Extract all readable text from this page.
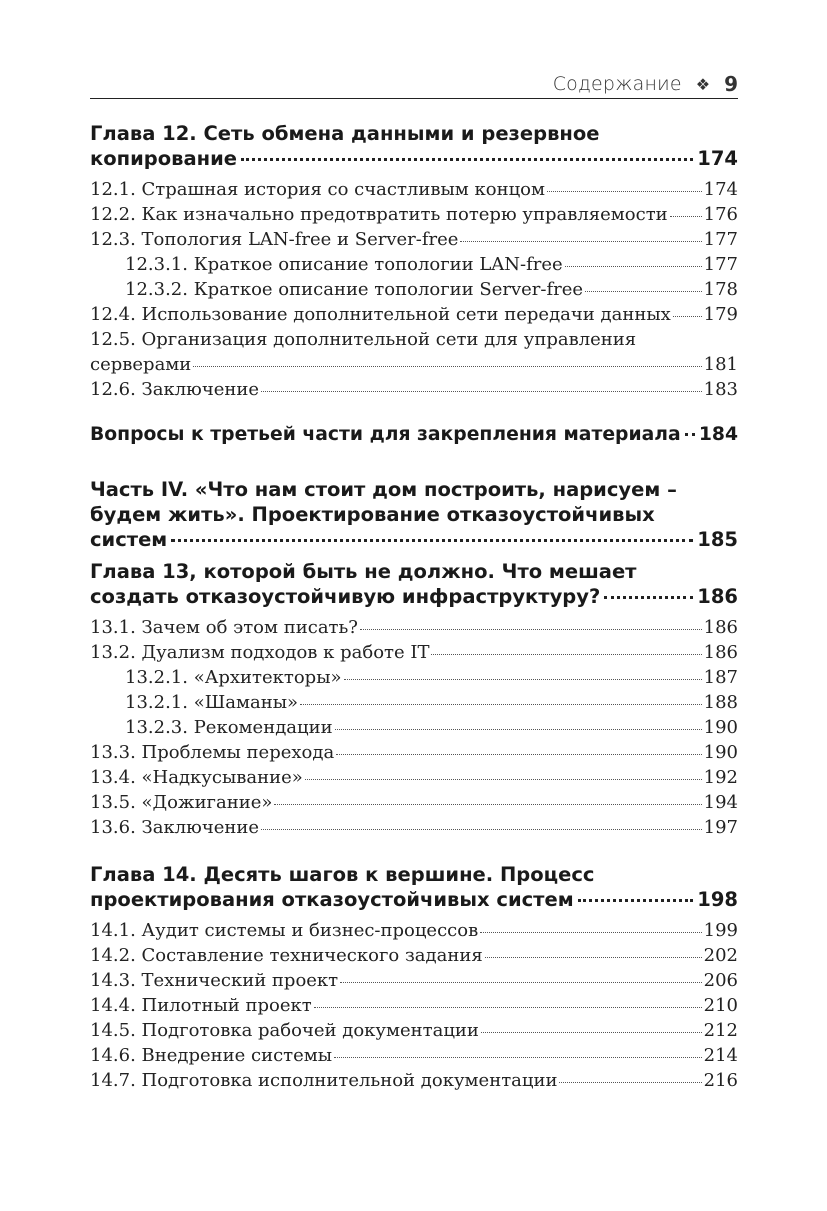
Содержание ❖ 9
Глава 12. Сеть обмена данными и резервное
копирование	174
12.1. Страшная история со счастливым концом	174
12.2. Как изначально предотвратить потерю управляемости 176
12.3. Топология LAN-free и Server-free	177
12.3.1. Краткое описание топологии LAN-free	177
12.3.2. Краткое описание топологии Server-free	178
12.4. Использование дополнительной сети передачи данных 179
12.5. Организация дополнительной сети для управления
серверами	181
12.6. Заключение	183
Вопросы к третьей части для закрепления материала 184
Часть IV. «Что нам стоит дом построить, нарисуем –
будем жить». Проектирование отказоустойчивых
систем	185
Глава 13, которой быть не должно. Что мешает
создать отказоустойчивую инфраструктуру?	186
13.1. Зачем об этом писать?	186
13.2. Дуализм подходов к работе IT	186
13.2.1. «Архитекторы»	187
13.2.1. «Шаманы»	188
13.2.3. Рекомендации	190
13.3. Проблемы перехода	190
13.4. «Надкусывание»	192
13.5. «Дожигание»	194
13.6. Заключение	197
Глава 14. Десять шагов к вершине. Процесс
проектирования отказоустойчивых систем	198
14.1. Аудит системы и бизнес-процессов	199
14.2. Составление технического задания	202
14.3. Технический проект	206
14.4. Пилотный проект	210
14.5. Подготовка рабочей документации	212
14.6. Внедрение системы	214
14.7. Подготовка исполнительной документации	216
